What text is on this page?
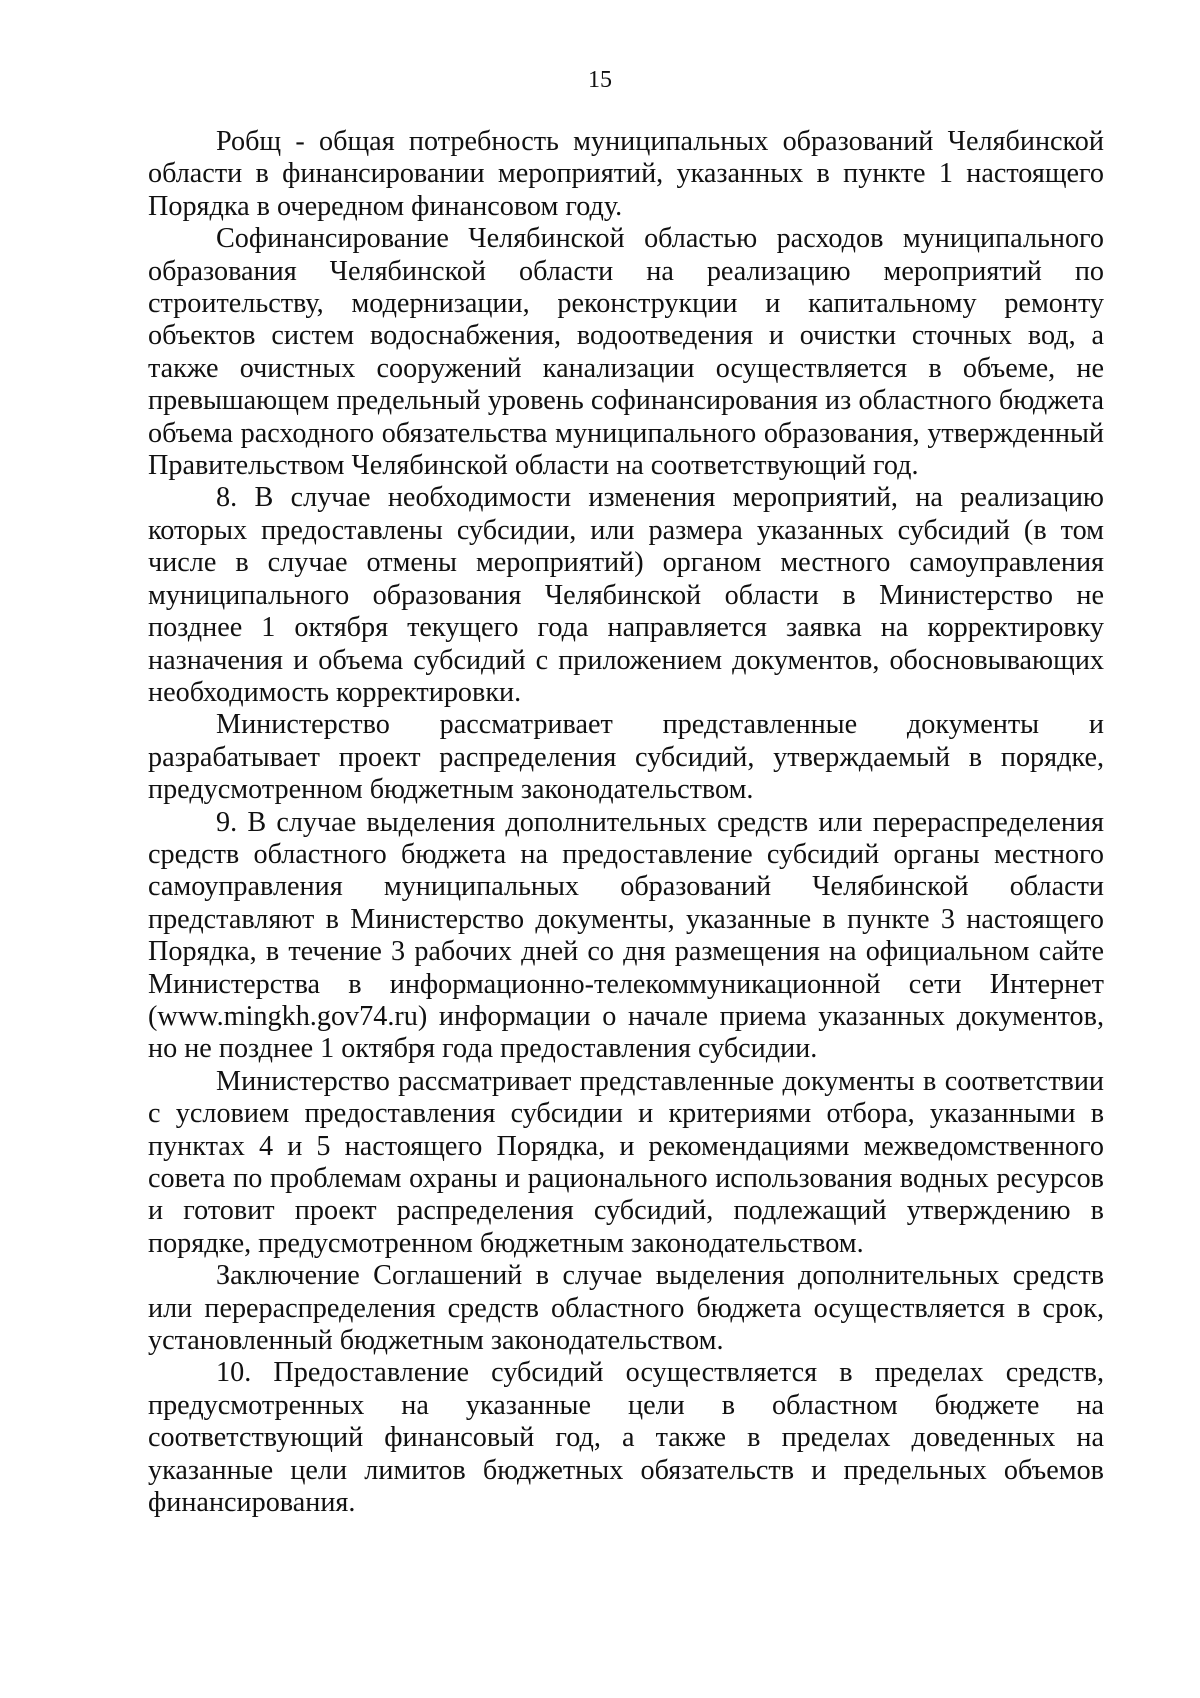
15

Робщ - общая потребность муниципальных образований Челябинской области в финансировании мероприятий, указанных в пункте 1 настоящего Порядка в очередном финансовом году.

Софинансирование Челябинской областью расходов муниципального образования Челябинской области на реализацию мероприятий по строительству, модернизации, реконструкции и капитальному ремонту объектов систем водоснабжения, водоотведения и очистки сточных вод, а также очистных сооружений канализации осуществляется в объеме, не превышающем предельный уровень софинансирования из областного бюджета объема расходного обязательства муниципального образования, утвержденный Правительством Челябинской области на соответствующий год.

8. В случае необходимости изменения мероприятий, на реализацию которых предоставлены субсидии, или размера указанных субсидий (в том числе в случае отмены мероприятий) органом местного самоуправления муниципального образования Челябинской области в Министерство не позднее 1 октября текущего года направляется заявка на корректировку назначения и объема субсидий с приложением документов, обосновывающих необходимость корректировки.

Министерство рассматривает представленные документы и разрабатывает проект распределения субсидий, утверждаемый в порядке, предусмотренном бюджетным законодательством.

9. В случае выделения дополнительных средств или перераспределения средств областного бюджета на предоставление субсидий органы местного самоуправления муниципальных образований Челябинской области представляют в Министерство документы, указанные в пункте 3 настоящего Порядка, в течение 3 рабочих дней со дня размещения на официальном сайте Министерства в информационно-телекоммуникационной сети Интернет (www.mingkh.gov74.ru) информации о начале приема указанных документов, но не позднее 1 октября года предоставления субсидии.

Министерство рассматривает представленные документы в соответствии с условием предоставления субсидии и критериями отбора, указанными в пунктах 4 и 5 настоящего Порядка, и рекомендациями межведомственного совета по проблемам охраны и рационального использования водных ресурсов и готовит проект распределения субсидий, подлежащий утверждению в порядке, предусмотренном бюджетным законодательством.

Заключение Соглашений в случае выделения дополнительных средств или перераспределения средств областного бюджета осуществляется в срок, установленный бюджетным законодательством.

10. Предоставление субсидий осуществляется в пределах средств, предусмотренных на указанные цели в областном бюджете на соответствующий финансовый год, а также в пределах доведенных на указанные цели лимитов бюджетных обязательств и предельных объемов финансирования.
